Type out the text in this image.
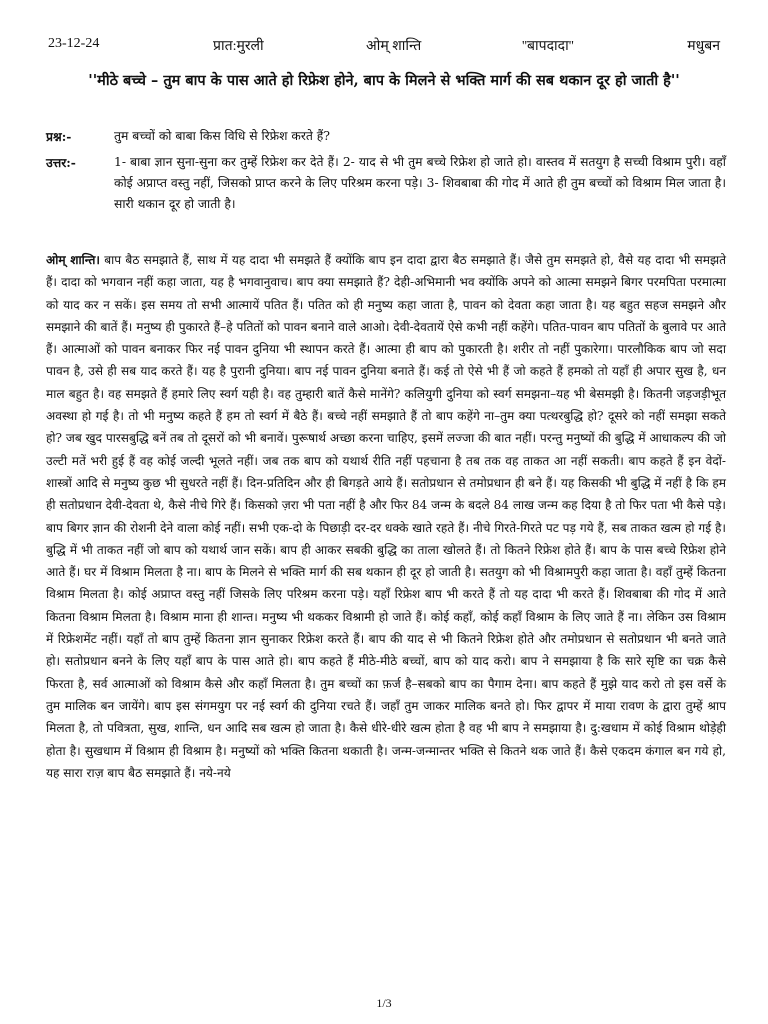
23-12-24	प्रात:मुरली	ओम् शान्ति	''बापदादा''	मधुबन
''मीठे बच्चे – तुम बाप के पास आते हो रिफ्रेश होने, बाप के मिलने से भक्ति मार्ग की सब थकान दूर हो जाती है''
प्रश्न:-	तुम बच्चों को बाबा किस विधि से रिफ्रेश करते हैं?
उत्तर:-	1- बाबा ज्ञान सुना-सुना कर तुम्हें रिफ्रेश कर देते हैं। 2- याद से भी तुम बच्चे रिफ्रेश हो जाते हो। वास्तव में सतयुग है सच्ची विश्राम पुरी। वहाँ कोई अप्राप्त वस्तु नहीं, जिसको प्राप्त करने के लिए परिश्रम करना पड़े। 3- शिवबाबा की गोद में आते ही तुम बच्चों को विश्राम मिल जाता है। सारी थकान दूर हो जाती है।
ओम् शान्ति। बाप बैठ समझाते हैं, साथ में यह दादा भी समझते हैं क्योंकि बाप इन दादा द्वारा बैठ समझाते हैं। जैसे तुम समझते हो, वैसे यह दादा भी समझते हैं। दादा को भगवान नहीं कहा जाता, यह है भगवानुवाच। बाप क्या समझाते हैं? देही-अभिमानी भव क्योंकि अपने को आत्मा समझने बिगर परमपिता परमात्मा को याद कर न सकें। इस समय तो सभी आत्मायें पतित हैं। पतित को ही मनुष्य कहा जाता है, पावन को देवता कहा जाता है। यह बहुत सहज समझने और समझाने की बातें हैं। मनुष्य ही पुकारते हैं–हे पतितों को पावन बनाने वाले आओ। देवी-देवतायें ऐसे कभी नहीं कहेंगे। पतित-पावन बाप पतितों के बुलावे पर आते हैं। आत्माओं को पावन बनाकर फिर नई पावन दुनिया भी स्थापन करते हैं। आत्मा ही बाप को पुकारती है। शरीर तो नहीं पुकारेगा। पारलौकिक बाप जो सदा पावन है, उसे ही सब याद करते हैं। यह है पुरानी दुनिया। बाप नई पावन दुनिया बनाते हैं। कई तो ऐसे भी हैं जो कहते हैं हमको तो यहाँ ही अपार सुख है, धन माल बहुत है। वह समझते हैं हमारे लिए स्वर्ग यही है। वह तुम्हारी बातें कैसे मानेंगे? कलियुगी दुनिया को स्वर्ग समझना–यह भी बेसमझी है। कितनी जड़जड़ीभूत अवस्था हो गई है। तो भी मनुष्य कहते हैं हम तो स्वर्ग में बैठे हैं। बच्चे नहीं समझाते हैं तो बाप कहेंगे ना–तुम क्या पत्थरबुद्धि हो? दूसरे को नहीं समझा सकते हो? जब खुद पारसबुद्धि बनें तब तो दूसरों को भी बनावें। पुरूषार्थ अच्छा करना चाहिए, इसमें लज्जा की बात नहीं। परन्तु मनुष्यों की बुद्धि में आधाकल्प की जो उल्टी मतें भरी हुई हैं वह कोई जल्दी भूलते नहीं। जब तक बाप को यथार्थ रीति नहीं पहचाना है तब तक वह ताकत आ नहीं सकती। बाप कहते हैं इन वेदों-शास्त्रों आदि से मनुष्य कुछ भी सुधरते नहीं हैं। दिन-प्रतिदिन और ही बिगड़ते आये हैं। सतोप्रधान से तमोप्रधान ही बने हैं। यह किसकी भी बुद्धि में नहीं है कि हम ही सतोप्रधान देवी-देवता थे, कैसे नीचे गिरे हैं। किसको ज़रा भी पता नहीं है और फिर 84 जन्म के बदले 84 लाख जन्म कह दिया है तो फिर पता भी कैसे पड़े। बाप बिगर ज्ञान की रोशनी देने वाला कोई नहीं। सभी एक-दो के पिछाड़ी दर-दर धक्के खाते रहते हैं। नीचे गिरते-गिरते पट पड़ गये हैं, सब ताकत खत्म हो गई है। बुद्धि में भी ताकत नहीं जो बाप को यथार्थ जान सकें। बाप ही आकर सबकी बुद्धि का ताला खोलते हैं। तो कितने रिफ्रेश होते हैं। बाप के पास बच्चे रिफ्रेश होने आते हैं। घर में विश्राम मिलता है ना। बाप के मिलने से भक्ति मार्ग की सब थकान ही दूर हो जाती है। सतयुग को भी विश्रामपुरी कहा जाता है। वहाँ तुम्हें कितना विश्राम मिलता है। कोई अप्राप्त वस्तु नहीं जिसके लिए परिश्रम करना पड़े। यहाँ रिफ्रेश बाप भी करते हैं तो यह दादा भी करते हैं। शिवबाबा की गोद में आते कितना विश्राम मिलता है। विश्राम माना ही शान्त। मनुष्य भी थककर विश्रामी हो जाते हैं। कोई कहाँ, कोई कहाँ विश्राम के लिए जाते हैं ना। लेकिन उस विश्राम में रिफ्रेशमेंट नहीं। यहाँ तो बाप तुम्हें कितना ज्ञान सुनाकर रिफ्रेश करते हैं। बाप की याद से भी कितने रिफ्रेश होते और तमोप्रधान से सतोप्रधान भी बनते जाते हो। सतोप्रधान बनने के लिए यहाँ बाप के पास आते हो। बाप कहते हैं मीठे-मीठे बच्चों, बाप को याद करो। बाप ने समझाया है कि सारे सृष्टि का चक्र कैसे फिरता है, सर्व आत्माओं को विश्राम कैसे और कहाँ मिलता है। तुम बच्चों का फ़र्ज है–सबको बाप का पैगाम देना। बाप कहते हैं मुझे याद करो तो इस वर्से के तुम मालिक बन जायेंगे। बाप इस संगमयुग पर नई स्वर्ग की दुनिया रचते हैं। जहाँ तुम जाकर मालिक बनते हो। फिर द्वापर में माया रावण के द्वारा तुम्हें श्राप मिलता है, तो पवित्रता, सुख, शान्ति, धन आदि सब खत्म हो जाता है। कैसे धीरे-धीरे खत्म होता है वह भी बाप ने समझाया है। दु:खधाम में कोई विश्राम थोड़ेही होता है। सुखधाम में विश्राम ही विश्राम है। मनुष्यों को भक्ति कितना थकाती है। जन्म-जन्मान्तर भक्ति से कितने थक जाते हैं। कैसे एकदम कंगाल बन गये हो, यह सारा राज़ बाप बैठ समझाते हैं। नये-नये
1/3
